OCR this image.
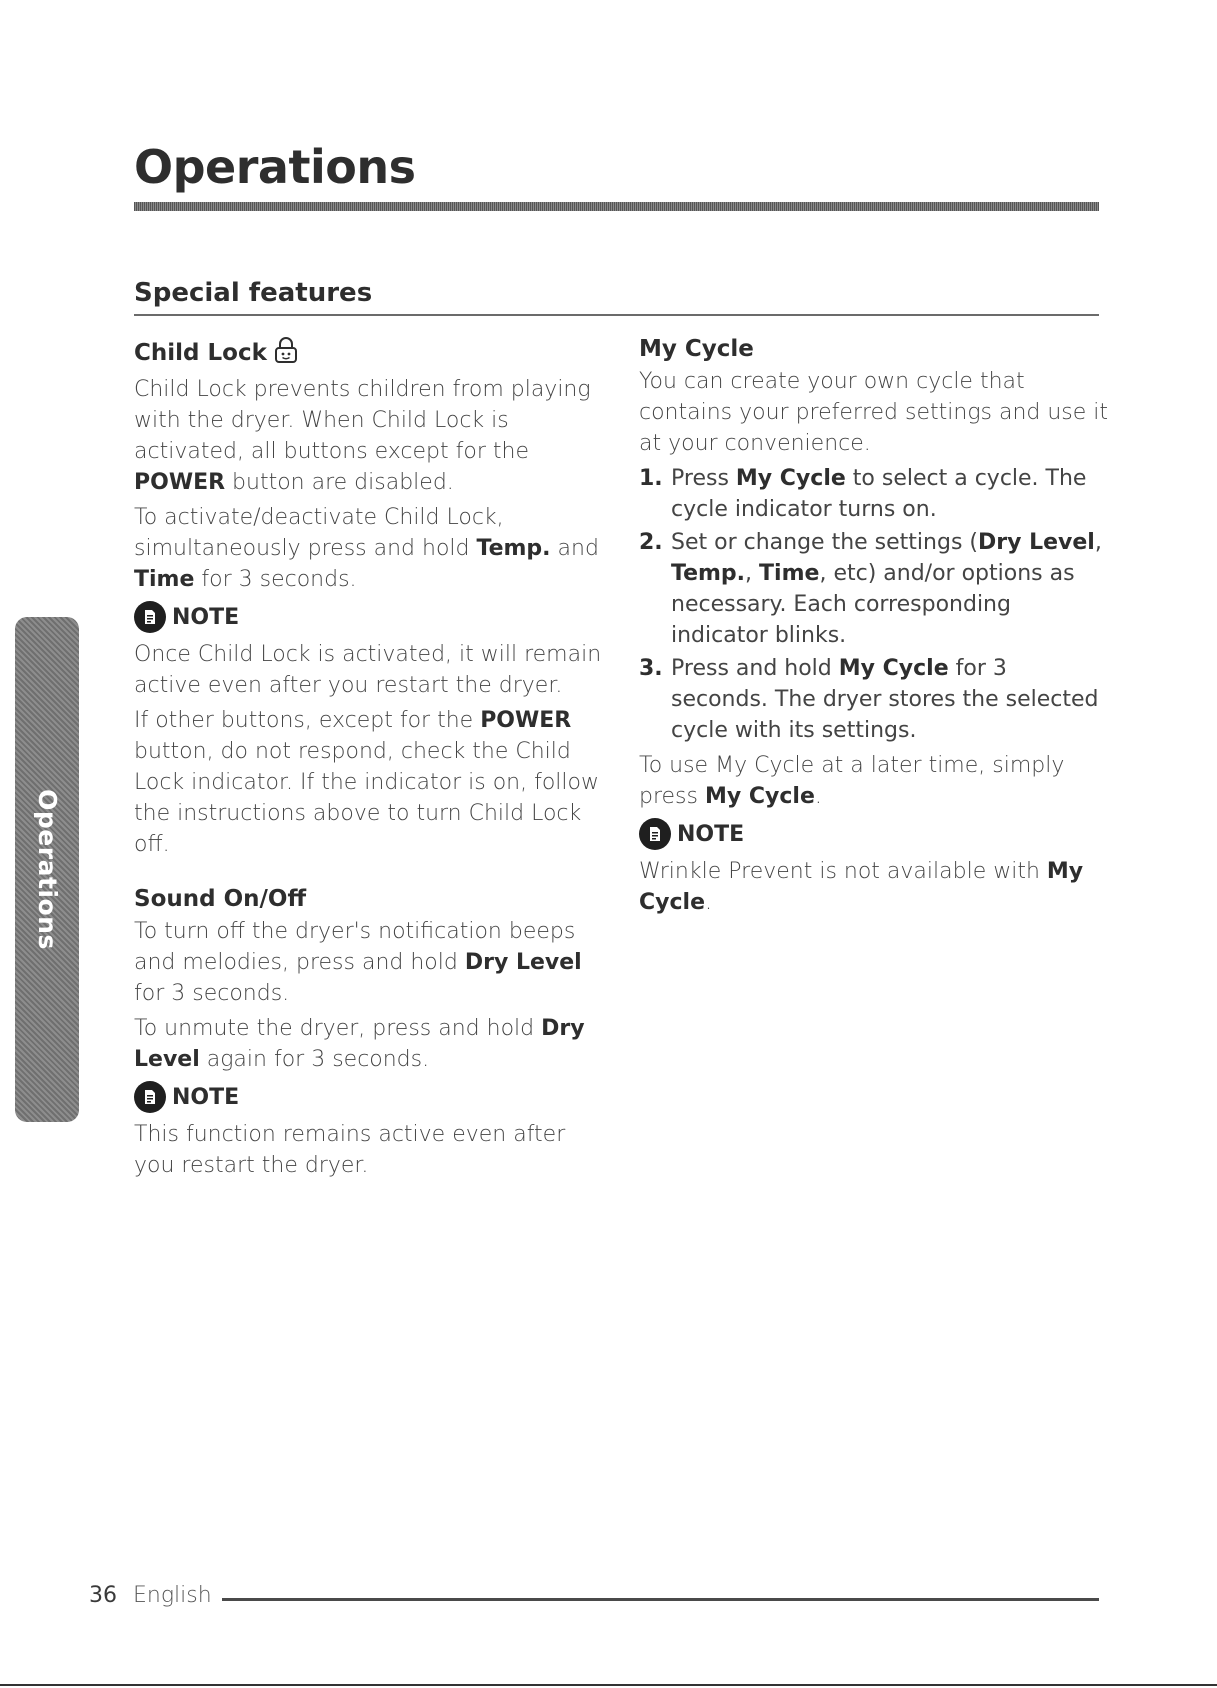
Operations
Special features
Child Lock

Child Lock prevents children from playing with the dryer. When Child Lock is activated, all buttons except for the POWER button are disabled.

To activate/deactivate Child Lock, simultaneously press and hold Temp. and Time for 3 seconds.

NOTE

Once Child Lock is activated, it will remain active even after you restart the dryer.

If other buttons, except for the POWER button, do not respond, check the Child Lock indicator. If the indicator is on, follow the instructions above to turn Child Lock off.

Sound On/Off

To turn off the dryer's notification beeps and melodies, press and hold Dry Level for 3 seconds.

To unmute the dryer, press and hold Dry Level again for 3 seconds.

NOTE

This function remains active even after you restart the dryer.

My Cycle

You can create your own cycle that contains your preferred settings and use it at your convenience.

1. Press My Cycle to select a cycle. The cycle indicator turns on.
2. Set or change the settings (Dry Level, Temp., Time, etc) and/or options as necessary. Each corresponding indicator blinks.
3. Press and hold My Cycle for 3 seconds. The dryer stores the selected cycle with its settings.

To use My Cycle at a later time, simply press My Cycle.

NOTE

Wrinkle Prevent is not available with My Cycle.

Operations
36 English
